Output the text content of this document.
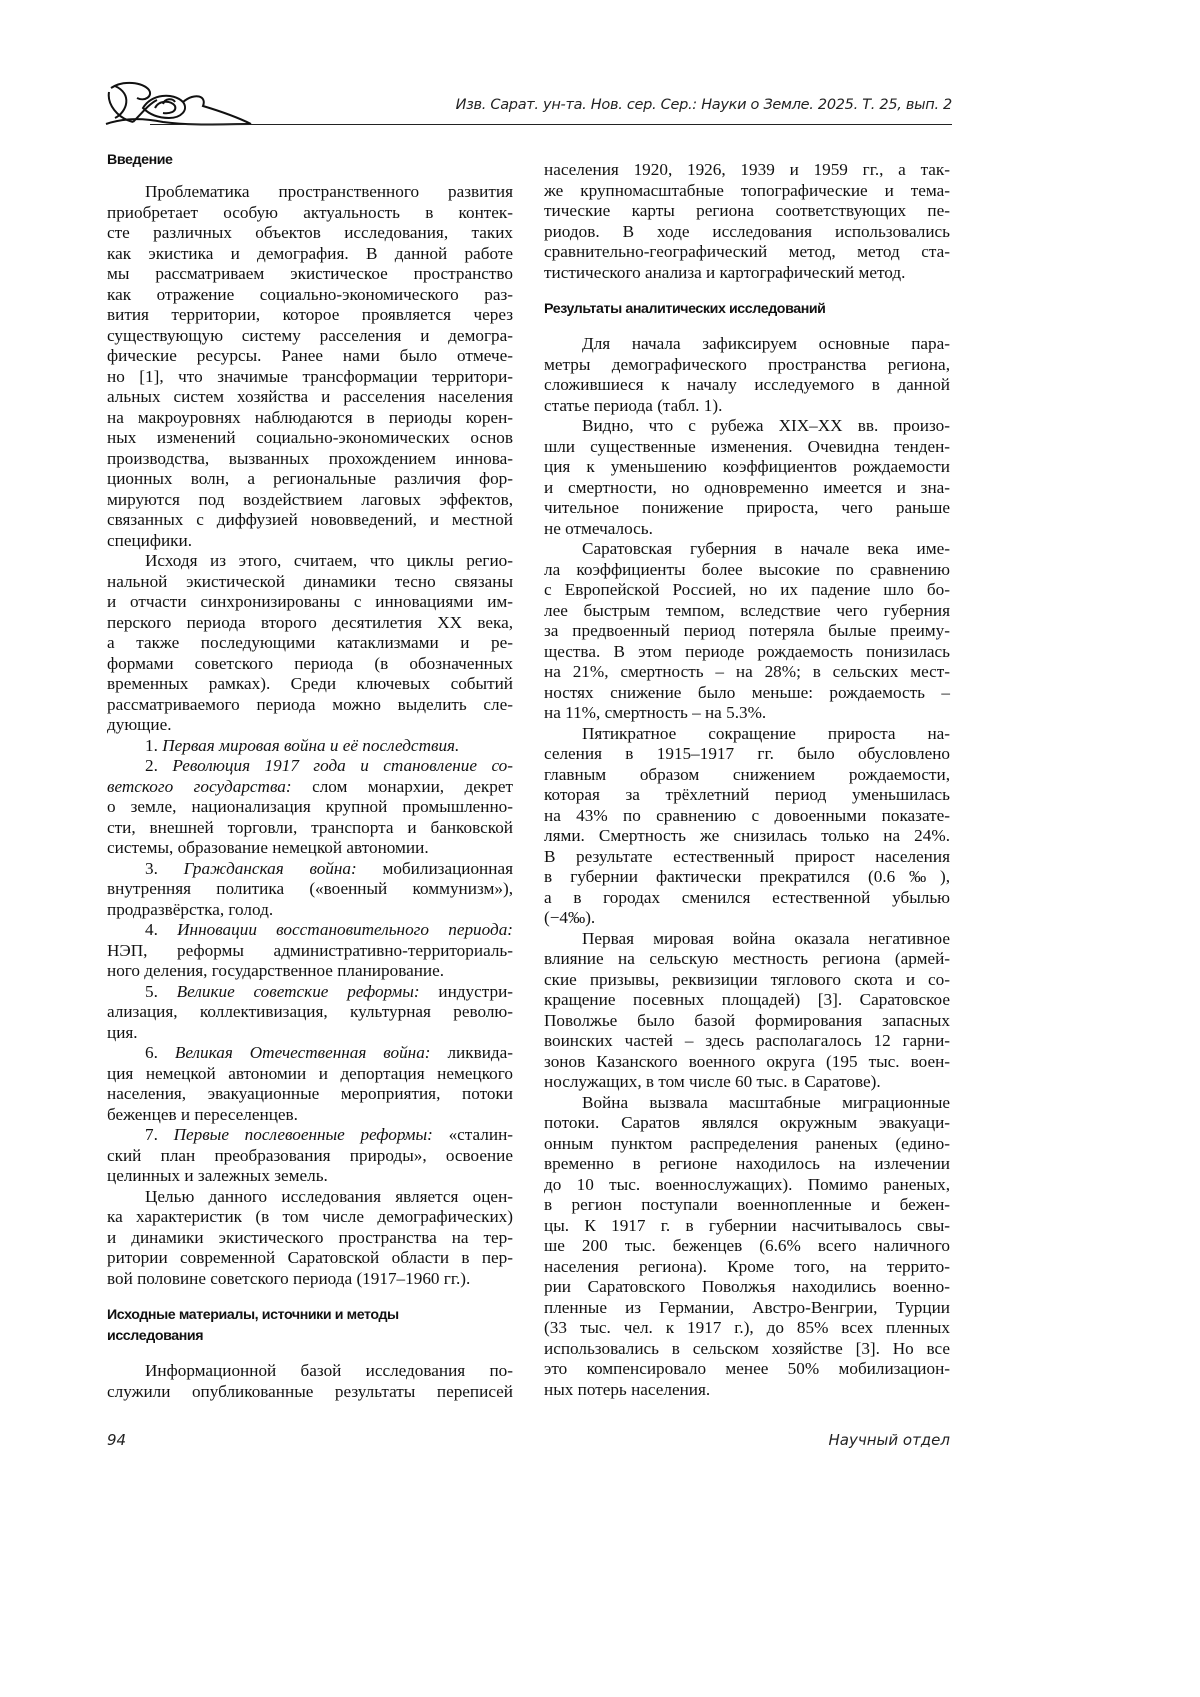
Изв. Сарат. ун-та. Нов. сер. Сер.: Науки о Земле. 2025. Т. 25, вып. 2
Введение
Проблематика пространственного развития
приобретает особую актуальность в контек-
сте различных объектов исследования, таких
как экистика и демография. В данной работе
мы рассматриваем экистическое пространство
как отражение социально-экономического раз-
вития территории, которое проявляется через
существующую систему расселения и демогра-
фические ресурсы. Ранее нами было отмече-
но [1], что значимые трансформации территори-
альных систем хозяйства и расселения населения
на макроуровнях наблюдаются в периоды корен-
ных изменений социально-экономических основ
производства, вызванных прохождением иннова-
ционных волн, а региональные различия фор-
мируются под воздействием лаговых эффектов,
связанных с диффузией нововведений, и местной
специфики.
Исходя из этого, считаем, что циклы регио-
нальной экистической динамики тесно связаны
и отчасти синхронизированы с инновациями им-
перского периода второго десятилетия XX века,
а также последующими катаклизмами и ре-
формами советского периода (в обозначенных
временных рамках). Среди ключевых событий
рассматриваемого периода можно выделить сле-
дующие.
1. Первая мировая война и её последствия.
2. Революция 1917 года и становление со-
ветского государства: слом монархии, декрет
о земле, национализация крупной промышленно-
сти, внешней торговли, транспорта и банковской
системы, образование немецкой автономии.
3. Гражданская война: мобилизационная
внутренняя политика («военный коммунизм»),
продразвёрстка, голод.
4. Инновации восстановительного периода:
НЭП, реформы административно-территориаль-
ного деления, государственное планирование.
5. Великие советские реформы: индустри-
ализация, коллективизация, культурная револю-
ция.
6. Великая Отечественная война: ликвида-
ция немецкой автономии и депортация немецкого
населения, эвакуационные мероприятия, потоки
беженцев и переселенцев.
7. Первые послевоенные реформы: «сталин-
ский план преобразования природы», освоение
целинных и залежных земель.
Целью данного исследования является оцен-
ка характеристик (в том числе демографических)
и динамики экистического пространства на тер-
ритории современной Саратовской области в пер-
вой половине советского периода (1917–1960 гг.).
Исходные материалы, источники и методы
исследования
Информационной базой исследования по-
служили опубликованные результаты переписей
населения 1920, 1926, 1939 и 1959 гг., а так-
же крупномасштабные топографические и тема-
тические карты региона соответствующих пе-
риодов. В ходе исследования использовались
сравнительно-географический метод, метод ста-
тистического анализа и картографический метод.
Результаты аналитических исследований
Для начала зафиксируем основные пара-
метры демографического пространства региона,
сложившиеся к началу исследуемого в данной
статье периода (табл. 1).
Видно, что с рубежа XIX–XX вв. произо-
шли существенные изменения. Очевидна тенден-
ция к уменьшению коэффициентов рождаемости
и смертности, но одновременно имеется и зна-
чительное понижение прироста, чего раньше
не отмечалось.
Саратовская губерния в начале века име-
ла коэффициенты более высокие по сравнению
с Европейской Россией, но их падение шло бо-
лее быстрым темпом, вследствие чего губерния
за предвоенный период потеряла былые преиму-
щества. В этом периоде рождаемость понизилась
на 21%, смертность – на 28%; в сельских мест-
ностях снижение было меньше: рождаемость –
на 11%, смертность – на 5.3%.
Пятикратное сокращение прироста на-
селения в 1915–1917 гг. было обусловлено
главным образом снижением рождаемости,
которая за трёхлетний период уменьшилась
на 43% по сравнению с довоенными показате-
лями. Смертность же снизилась только на 24%.
В результате естественный прирост населения
в губернии фактически прекратился (0.6‰),
а в городах сменился естественной убылью
(−4‰).
Первая мировая война оказала негативное
влияние на сельскую местность региона (армей-
ские призывы, реквизиции тяглового скота и со-
кращение посевных площадей) [3]. Саратовское
Поволжье было базой формирования запасных
воинских частей – здесь располагалось 12 гарни-
зонов Казанского военного округа (195 тыс. воен-
нослужащих, в том числе 60 тыс. в Саратове).
Война вызвала масштабные миграционные
потоки. Саратов являлся окружным эвакуаци-
онным пунктом распределения раненых (едино-
временно в регионе находилось на излечении
до 10 тыс. военнослужащих). Помимо раненых,
в регион поступали военнопленные и бежен-
цы. К 1917 г. в губернии насчитывалось свы-
ше 200 тыс. беженцев (6.6% всего наличного
населения региона). Кроме того, на террито-
рии Саратовского Поволжья находились военно-
пленные из Германии, Австро-Венгрии, Турции
(33 тыс. чел. к 1917 г.), до 85% всех пленных
использовались в сельском хозяйстве [3]. Но все
это компенсировало менее 50% мобилизацион-
ных потерь населения.
94	Научный отдел
